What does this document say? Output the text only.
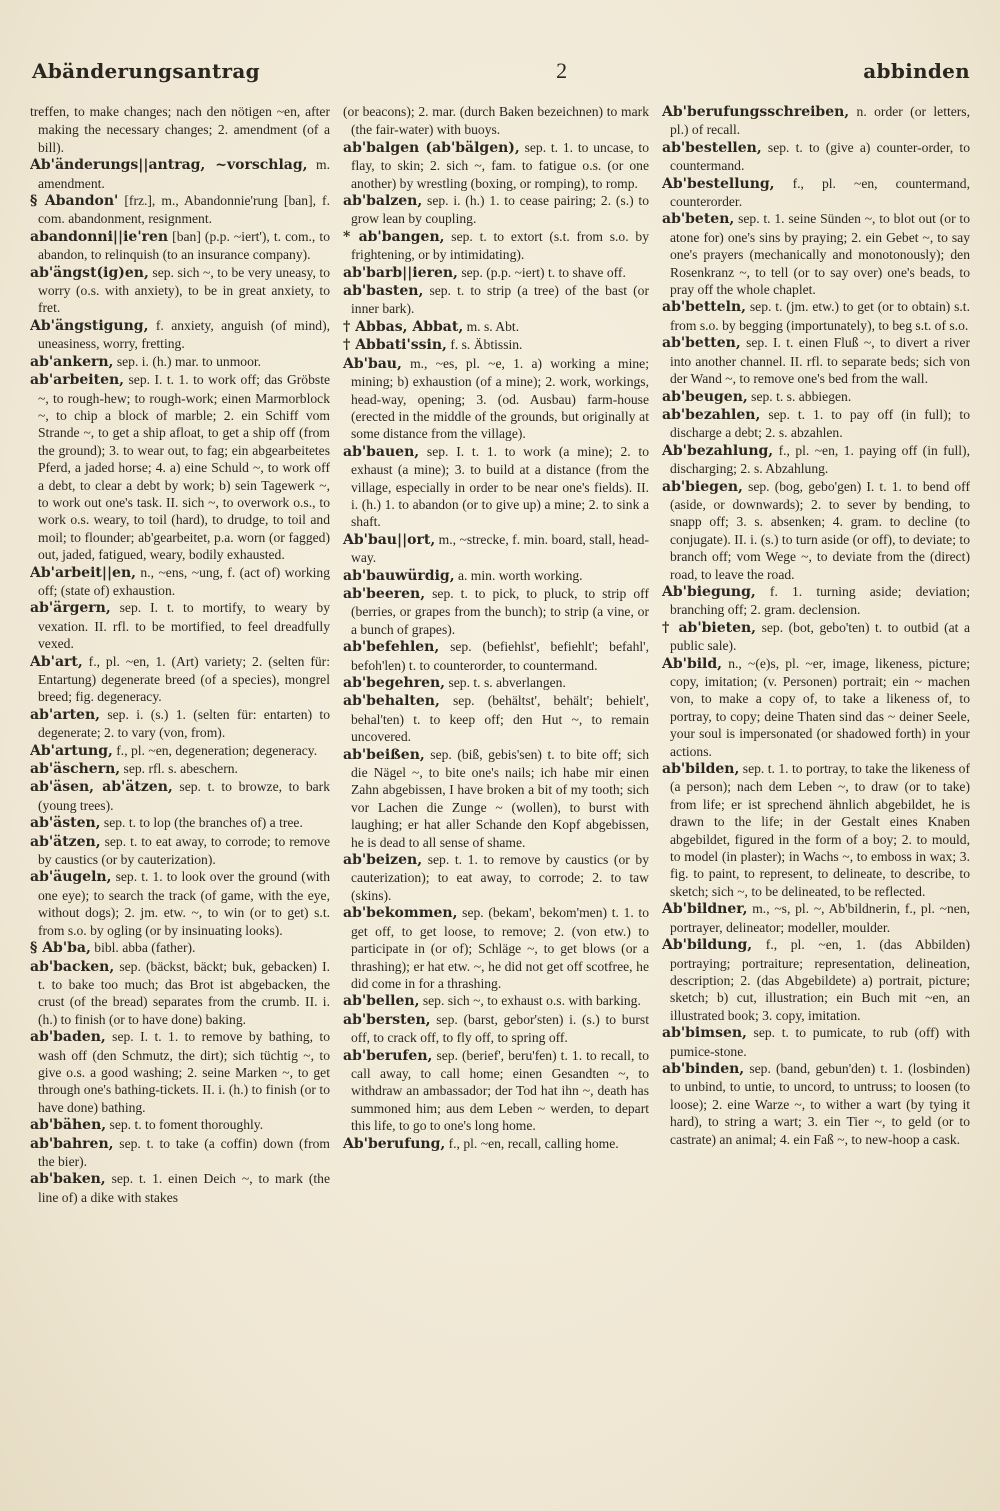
Abänderungsantrag	2	abbinden

treffen, to make changes; nach den nötigen ~en, after making the necessary changes; 2. amendment (of a bill).

Ab'änderungs||antrag, ~vorschlag, m. amendment.

§ Abandon' [frz.], m., Abandonnie'rung [ban], f. com. abandonment, resignment.

abandonni||ie'ren [ban] (p.p. ~iert'), t. com., to abandon, to relinquish (to an insurance company).

ab'ängst(ig)en, sep. sich ~, to be very uneasy, to worry (o.s. with anxiety), to be in great anxiety, to fret.

Ab'ängstigung, f. anxiety, anguish (of mind), uneasiness, worry, fretting.

ab'ankern, sep. i. (h.) mar. to unmoor.

ab'arbeiten, sep. I. t. 1. to work off; das Gröbste ~, to rough-hew; to rough-work; einen Marmorblock ~, to chip a block of marble; 2. ein Schiff vom Strande ~, to get a ship afloat, to get a ship off (from the ground); 3. to wear out, to fag; ein abgearbeitetes Pferd, a jaded horse; 4. a) eine Schuld ~, to work off a debt, to clear a debt by work; b) sein Tagewerk ~, to work out one's task. II. sich ~, to overwork o.s., to work o.s. weary, to toil (hard), to drudge, to toil and moil; to flounder; ab'gearbeitet, p.a. worn (or fagged) out, jaded, fatigued, weary, bodily exhausted.

Ab'arbeit||en, n., ~ens, ~ung, f. (act of) working off; (state of) exhaustion.

ab'ärgern, sep. I. t. to mortify, to weary by vexation. II. rfl. to be mortified, to feel dreadfully vexed.

Ab'art, f., pl. ~en, 1. (Art) variety; 2. (selten für: Entartung) degenerate breed (of a species), mongrel breed; fig. degeneracy.

ab'arten, sep. i. (s.) 1. (selten für: entarten) to degenerate; 2. to vary (von, from).

Ab'artung, f., pl. ~en, degeneration; degeneracy.

ab'äschern, sep. rfl. s. abeschern.

ab'äsen, ab'ätzen, sep. t. to browze, to bark (young trees).

ab'ästen, sep. t. to lop (the branches of) a tree.

ab'ätzen, sep. t. to eat away, to corrode; to remove by caustics (or by cauterization).

ab'äugeln, sep. t. 1. to look over the ground (with one eye); to search the track (of game, with the eye, without dogs); 2. jm. etw. ~, to win (or to get) s.t. from s.o. by ogling (or by insinuating looks).

§ Ab'ba, bibl. abba (father).

ab'backen, sep. (bäckst, bäckt; buk, gebacken) I. t. to bake too much; das Brot ist abgebacken, the crust (of the bread) separates from the crumb. II. i. (h.) to finish (or to have done) baking.

ab'baden, sep. I. t. 1. to remove by bathing, to wash off (den Schmutz, the dirt); sich tüchtig ~, to give o.s. a good washing; 2. seine Marken ~, to get through one's bathing-tickets. II. i. (h.) to finish (or to have done) bathing.

ab'bähen, sep. t. to foment thoroughly.

ab'bahren, sep. t. to take (a coffin) down (from the bier).

ab'baken, sep. t. 1. einen Deich ~, to mark (the line of) a dike with stakes

(or beacons); 2. mar. (durch Baken bezeichnen) to mark (the fair-water) with buoys.

ab'balgen (ab'bälgen), sep. t. 1. to uncase, to flay, to skin; 2. sich ~, fam. to fatigue o.s. (or one another) by wrestling (boxing, or romping), to romp.

ab'balzen, sep. i. (h.) 1. to cease pairing; 2. (s.) to grow lean by coupling.

* ab'bangen, sep. t. to extort (s.t. from s.o. by frightening, or by intimidating).

ab'barb||ieren, sep. (p.p. ~iert) t. to shave off.

ab'basten, sep. t. to strip (a tree) of the bast (or inner bark).

† Abbas, Abbat, m. s. Abt.

† Abbati'ssin, f. s. Äbtissin.

Ab'bau, m., ~es, pl. ~e, 1. a) working a mine; mining; b) exhaustion (of a mine); 2. work, workings, head-way, opening; 3. (od. Ausbau) farm-house (erected in the middle of the grounds, but originally at some distance from the village).

ab'bauen, sep. I. t. 1. to work (a mine); 2. to exhaust (a mine); 3. to build at a distance (from the village, especially in order to be near one's fields). II. i. (h.) 1. to abandon (or to give up) a mine; 2. to sink a shaft.

Ab'bau||ort, m., ~strecke, f. min. board, stall, head-way.

ab'bauwürdig, a. min. worth working.

ab'beeren, sep. t. to pick, to pluck, to strip off (berries, or grapes from the bunch); to strip (a vine, or a bunch of grapes).

ab'befehlen, sep. (befiehlst', befiehlt'; befahl', befoh'len) t. to counterorder, to countermand.

ab'begehren, sep. t. s. abverlangen.

ab'behalten, sep. (behältst', behält'; behielt', behal'ten) t. to keep off; den Hut ~, to remain uncovered.

ab'beißen, sep. (biß, gebis'sen) t. to bite off; sich die Nägel ~, to bite one's nails; ich habe mir einen Zahn abgebissen, I have broken a bit of my tooth; sich vor Lachen die Zunge ~ (wollen), to burst with laughing; er hat aller Schande den Kopf abgebissen, he is dead to all sense of shame.

ab'beizen, sep. t. 1. to remove by caustics (or by cauterization); to eat away, to corrode; 2. to taw (skins).

ab'bekommen, sep. (bekam', bekom'men) t. 1. to get off, to get loose, to remove; 2. (von etw.) to participate in (or of); Schläge ~, to get blows (or a thrashing); er hat etw. ~, he did not get off scotfree, he did come in for a thrashing.

ab'bellen, sep. sich ~, to exhaust o.s. with barking.

ab'bersten, sep. (barst, gebor'sten) i. (s.) to burst off, to crack off, to fly off, to spring off.

ab'berufen, sep. (berief', beru'fen) t. 1. to recall, to call away, to call home; einen Gesandten ~, to withdraw an ambassador; der Tod hat ihn ~, death has summoned him; aus dem Leben ~ werden, to depart this life, to go to one's long home.

Ab'berufung, f., pl. ~en, recall, calling home.

Ab'berufungsschreiben, n. order (or letters, pl.) of recall.

ab'bestellen, sep. t. to (give a) counter-order, to countermand.

Ab'bestellung, f., pl. ~en, countermand, counterorder.

ab'beten, sep. t. 1. seine Sünden ~, to blot out (or to atone for) one's sins by praying; 2. ein Gebet ~, to say one's prayers (mechanically and monotonously); den Rosenkranz ~, to tell (or to say over) one's beads, to pray off the whole chaplet.

ab'betteln, sep. t. (jm. etw.) to get (or to obtain) s.t. from s.o. by begging (importunately), to beg s.t. of s.o.

ab'betten, sep. I. t. einen Fluß ~, to divert a river into another channel. II. rfl. to separate beds; sich von der Wand ~, to remove one's bed from the wall.

ab'beugen, sep. t. s. abbiegen.

ab'bezahlen, sep. t. 1. to pay off (in full); to discharge a debt; 2. s. abzahlen.

Ab'bezahlung, f., pl. ~en, 1. paying off (in full), discharging; 2. s. Abzahlung.

ab'biegen, sep. (bog, gebo'gen) I. t. 1. to bend off (aside, or downwards); 2. to sever by bending, to snapp off; 3. s. absenken; 4. gram. to decline (to conjugate). II. i. (s.) to turn aside (or off), to deviate; to branch off; vom Wege ~, to deviate from the (direct) road, to leave the road.

Ab'biegung, f. 1. turning aside; deviation; branching off; 2. gram. declension.

† ab'bieten, sep. (bot, gebo'ten) t. to outbid (at a public sale).

Ab'bild, n., ~(e)s, pl. ~er, image, likeness, picture; copy, imitation; (v. Personen) portrait; ein ~ machen von, to make a copy of, to take a likeness of, to portray, to copy; deine Thaten sind das ~ deiner Seele, your soul is impersonated (or shadowed forth) in your actions.

ab'bilden, sep. t. 1. to portray, to take the likeness of (a person); nach dem Leben ~, to draw (or to take) from life; er ist sprechend ähnlich abgebildet, he is drawn to the life; in der Gestalt eines Knaben abgebildet, figured in the form of a boy; 2. to mould, to model (in plaster); in Wachs ~, to emboss in wax; 3. fig. to paint, to represent, to delineate, to describe, to sketch; sich ~, to be delineated, to be reflected.

Ab'bildner, m., ~s, pl. ~, Ab'bildnerin, f., pl. ~nen, portrayer, delineator; modeller, moulder.

Ab'bildung, f., pl. ~en, 1. (das Abbilden) portraying; portraiture; representation, delineation, description; 2. (das Abgebildete) a) portrait, picture; sketch; b) cut, illustration; ein Buch mit ~en, an illustrated book; 3. copy, imitation.

ab'bimsen, sep. t. to pumicate, to rub (off) with pumice-stone.

ab'binden, sep. (band, gebun'den) t. 1. (losbinden) to unbind, to untie, to uncord, to untruss; to loosen (to loose); 2. eine Warze ~, to wither a wart (by tying it hard), to string a wart; 3. ein Tier ~, to geld (or to castrate) an animal; 4. ein Faß ~, to new-hoop a cask.
